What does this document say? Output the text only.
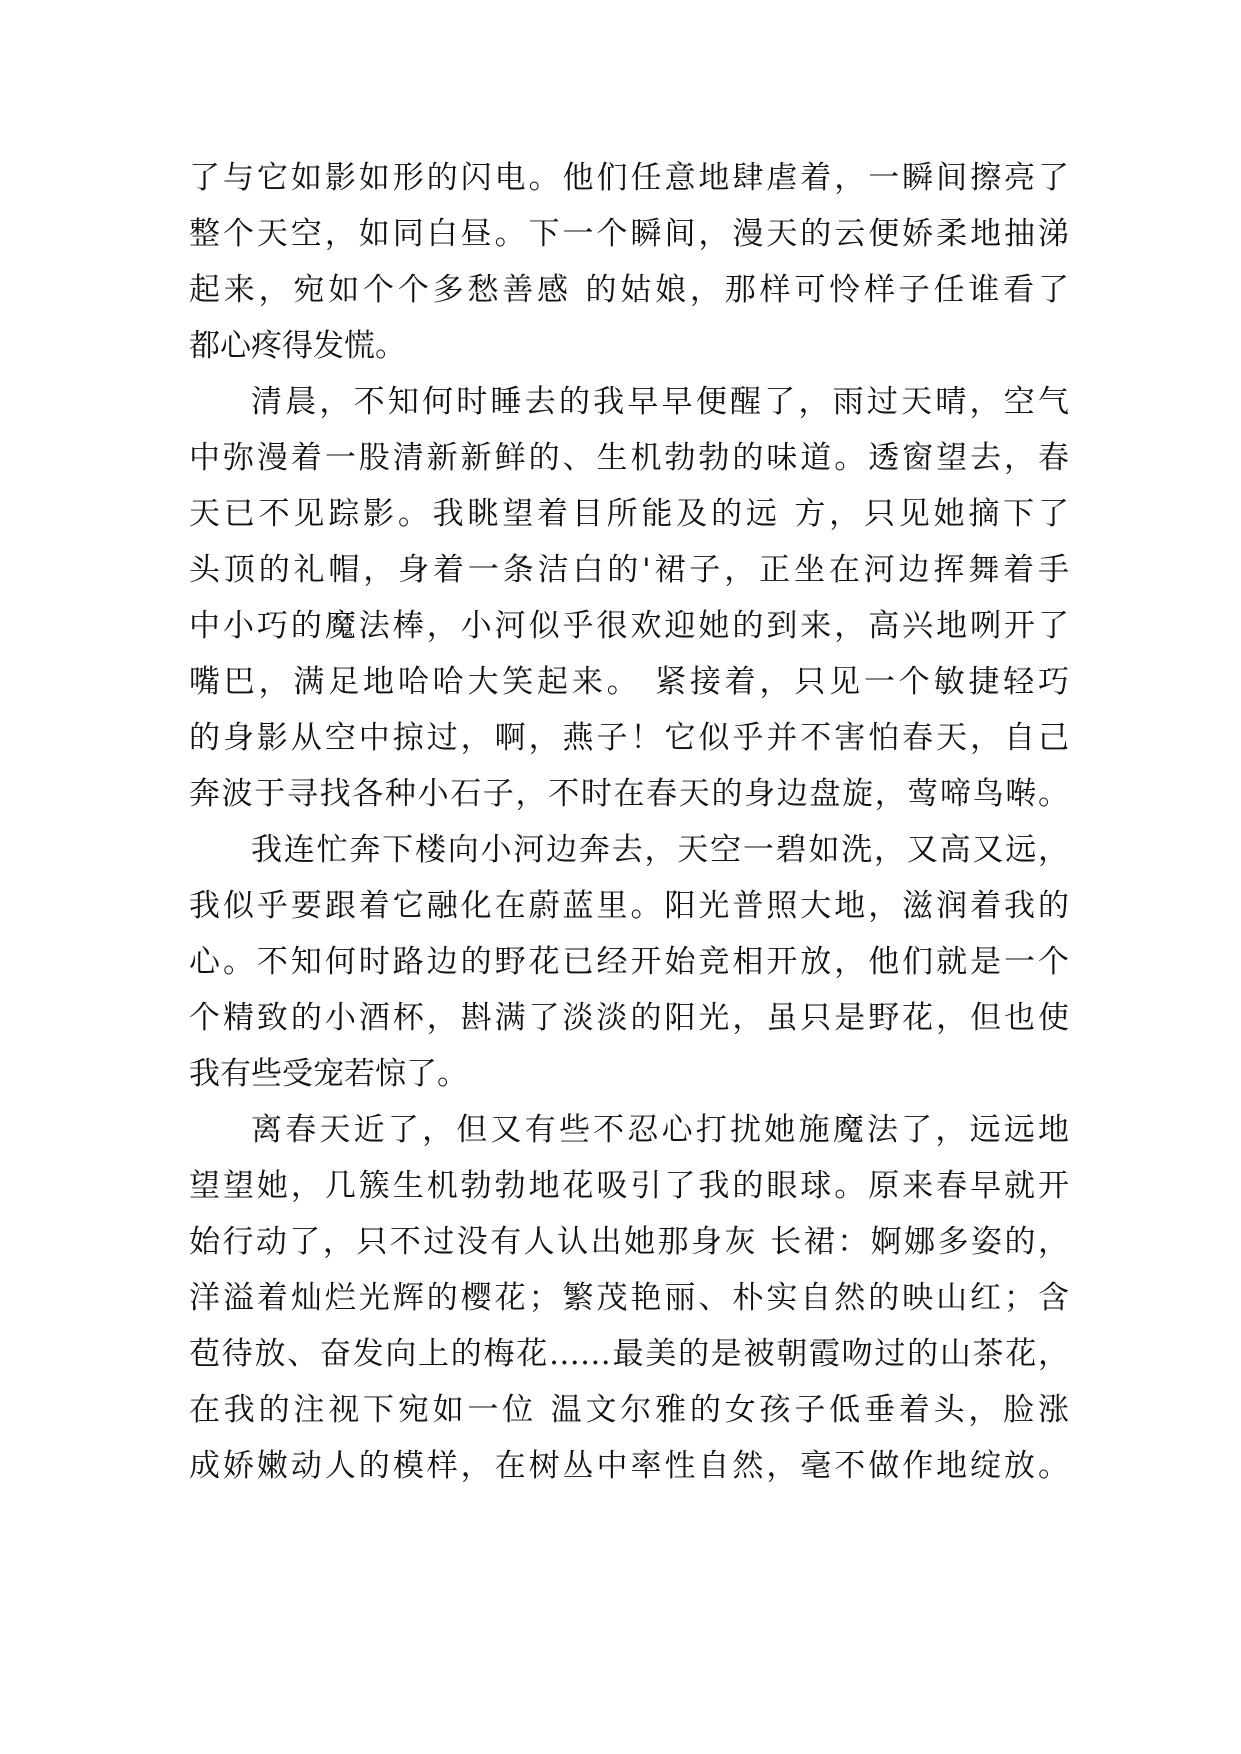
了与它如影如形的闪电。他们任意地肆虐着，一瞬间擦亮了
整个天空，如同白昼。下一个瞬间，漫天的云便娇柔地抽涕
起来，宛如个个多愁善感 的姑娘，那样可怜样子任谁看了
都心疼得发慌。
清晨，不知何时睡去的我早早便醒了，雨过天晴，空气
中弥漫着一股清新新鲜的、生机勃勃的味道。透窗望去，春
天已不见踪影。我眺望着目所能及的远 方，只见她摘下了
头顶的礼帽，身着一条洁白的'裙子，正坐在河边挥舞着手
中小巧的魔法棒，小河似乎很欢迎她的到来，高兴地咧开了
嘴巴，满足地哈哈大笑起来。 紧接着，只见一个敏捷轻巧
的身影从空中掠过，啊，燕子！它似乎并不害怕春天，自己
奔波于寻找各种小石子，不时在春天的身边盘旋，莺啼鸟啭。
我连忙奔下楼向小河边奔去，天空一碧如洗，又高又远，
我似乎要跟着它融化在蔚蓝里。阳光普照大地，滋润着我的
心。不知何时路边的野花已经开始竞相开放，他们就是一个
个精致的小酒杯，斟满了淡淡的阳光，虽只是野花，但也使
我有些受宠若惊了。
离春天近了，但又有些不忍心打扰她施魔法了，远远地
望望她，几簇生机勃勃地花吸引了我的眼球。原来春早就开
始行动了，只不过没有人认出她那身灰 长裙：婀娜多姿的，
洋溢着灿烂光辉的樱花；繁茂艳丽、朴实自然的映山红；含
苞待放、奋发向上的梅花……最美的是被朝霞吻过的山茶花，
在我的注视下宛如一位 温文尔雅的女孩子低垂着头，脸涨
成娇嫩动人的模样，在树丛中率性自然，毫不做作地绽放。
